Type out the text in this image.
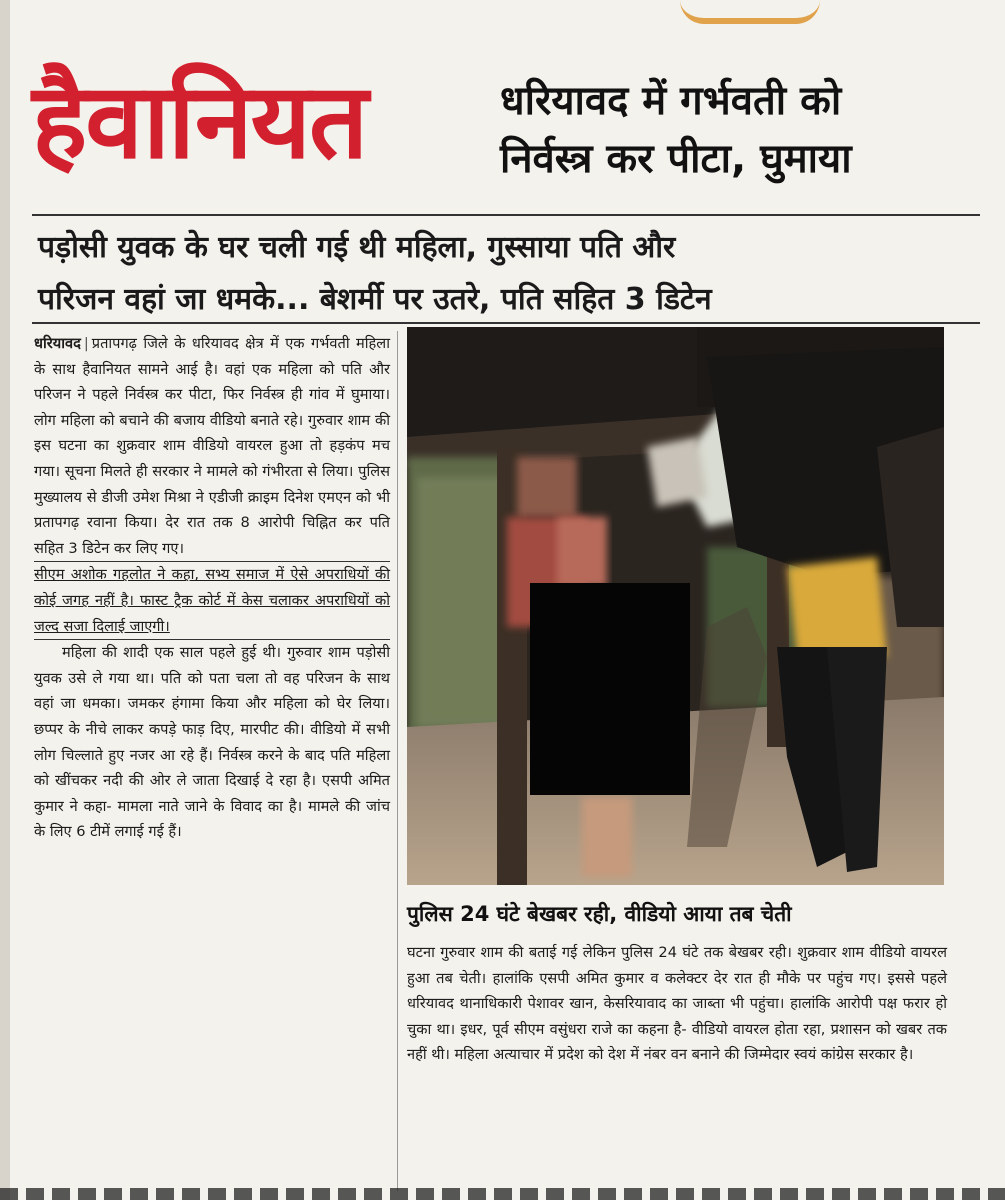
हैवानियत	धरियावद में गर्भवती को
निर्वस्त्र कर पीटा, घुमाया
पड़ोसी युवक के घर चली गई थी महिला, गुस्साया पति और
परिजन वहां जा धमके... बेशर्मी पर उतरे, पति सहित 3 डिटेन

धरियावद | प्रतापगढ़ जिले के धरियावद क्षेत्र में एक गर्भवती महिला के साथ हैवानियत सामने आई है। वहां एक महिला को पति और परिजन ने पहले निर्वस्त्र कर पीटा, फिर निर्वस्त्र ही गांव में घुमाया। लोग महिला को बचाने की बजाय वीडियो बनाते रहे। गुरुवार शाम की इस घटना का शुक्रवार शाम वीडियो वायरल हुआ तो हड़कंप मच गया। सूचना मिलते ही सरकार ने मामले को गंभीरता से लिया। पुलिस मुख्यालय से डीजी उमेश मिश्रा ने एडीजी क्राइम दिनेश एमएन को भी प्रतापगढ़ रवाना किया। देर रात तक 8 आरोपी चिह्नित कर पति सहित 3 डिटेन कर लिए गए।

सीएम अशोक गहलोत ने कहा, सभ्य समाज में ऐसे अपराधियों की कोई जगह नहीं है। फास्ट ट्रैक कोर्ट में केस चलाकर अपराधियों को जल्द सजा दिलाई जाएगी।

महिला की शादी एक साल पहले हुई थी। गुरुवार शाम पड़ोसी युवक उसे ले गया था। पति को पता चला तो वह परिजन के साथ वहां जा धमका। जमकर हंगामा किया और महिला को घेर लिया। छप्पर के नीचे लाकर कपड़े फाड़ दिए, मारपीट की। वीडियो में सभी लोग चिल्लाते हुए नजर आ रहे हैं। निर्वस्त्र करने के बाद पति महिला को खींचकर नदी की ओर ले जाता दिखाई दे रहा है। एसपी अमित कुमार ने कहा- मामला नाते जाने के विवाद का है। मामले की जांच के लिए 6 टीमें लगाई गई हैं।

पुलिस 24 घंटे बेखबर रही, वीडियो आया तब चेती

घटना गुरुवार शाम की बताई गई लेकिन पुलिस 24 घंटे तक बेखबर रही। शुक्रवार शाम वीडियो वायरल हुआ तब चेती। हालांकि एसपी अमित कुमार व कलेक्टर देर रात ही मौके पर पहुंच गए। इससे पहले धरियावद थानाधिकारी पेशावर खान, केसरियावाद का जाब्ता भी पहुंचा। हालांकि आरोपी पक्ष फरार हो चुका था। इधर, पूर्व सीएम वसुंधरा राजे का कहना है- वीडियो वायरल होता रहा, प्रशासन को खबर तक नहीं थी। महिला अत्याचार में प्रदेश को देश में नंबर वन बनाने की जिम्मेदार स्वयं कांग्रेस सरकार है।
